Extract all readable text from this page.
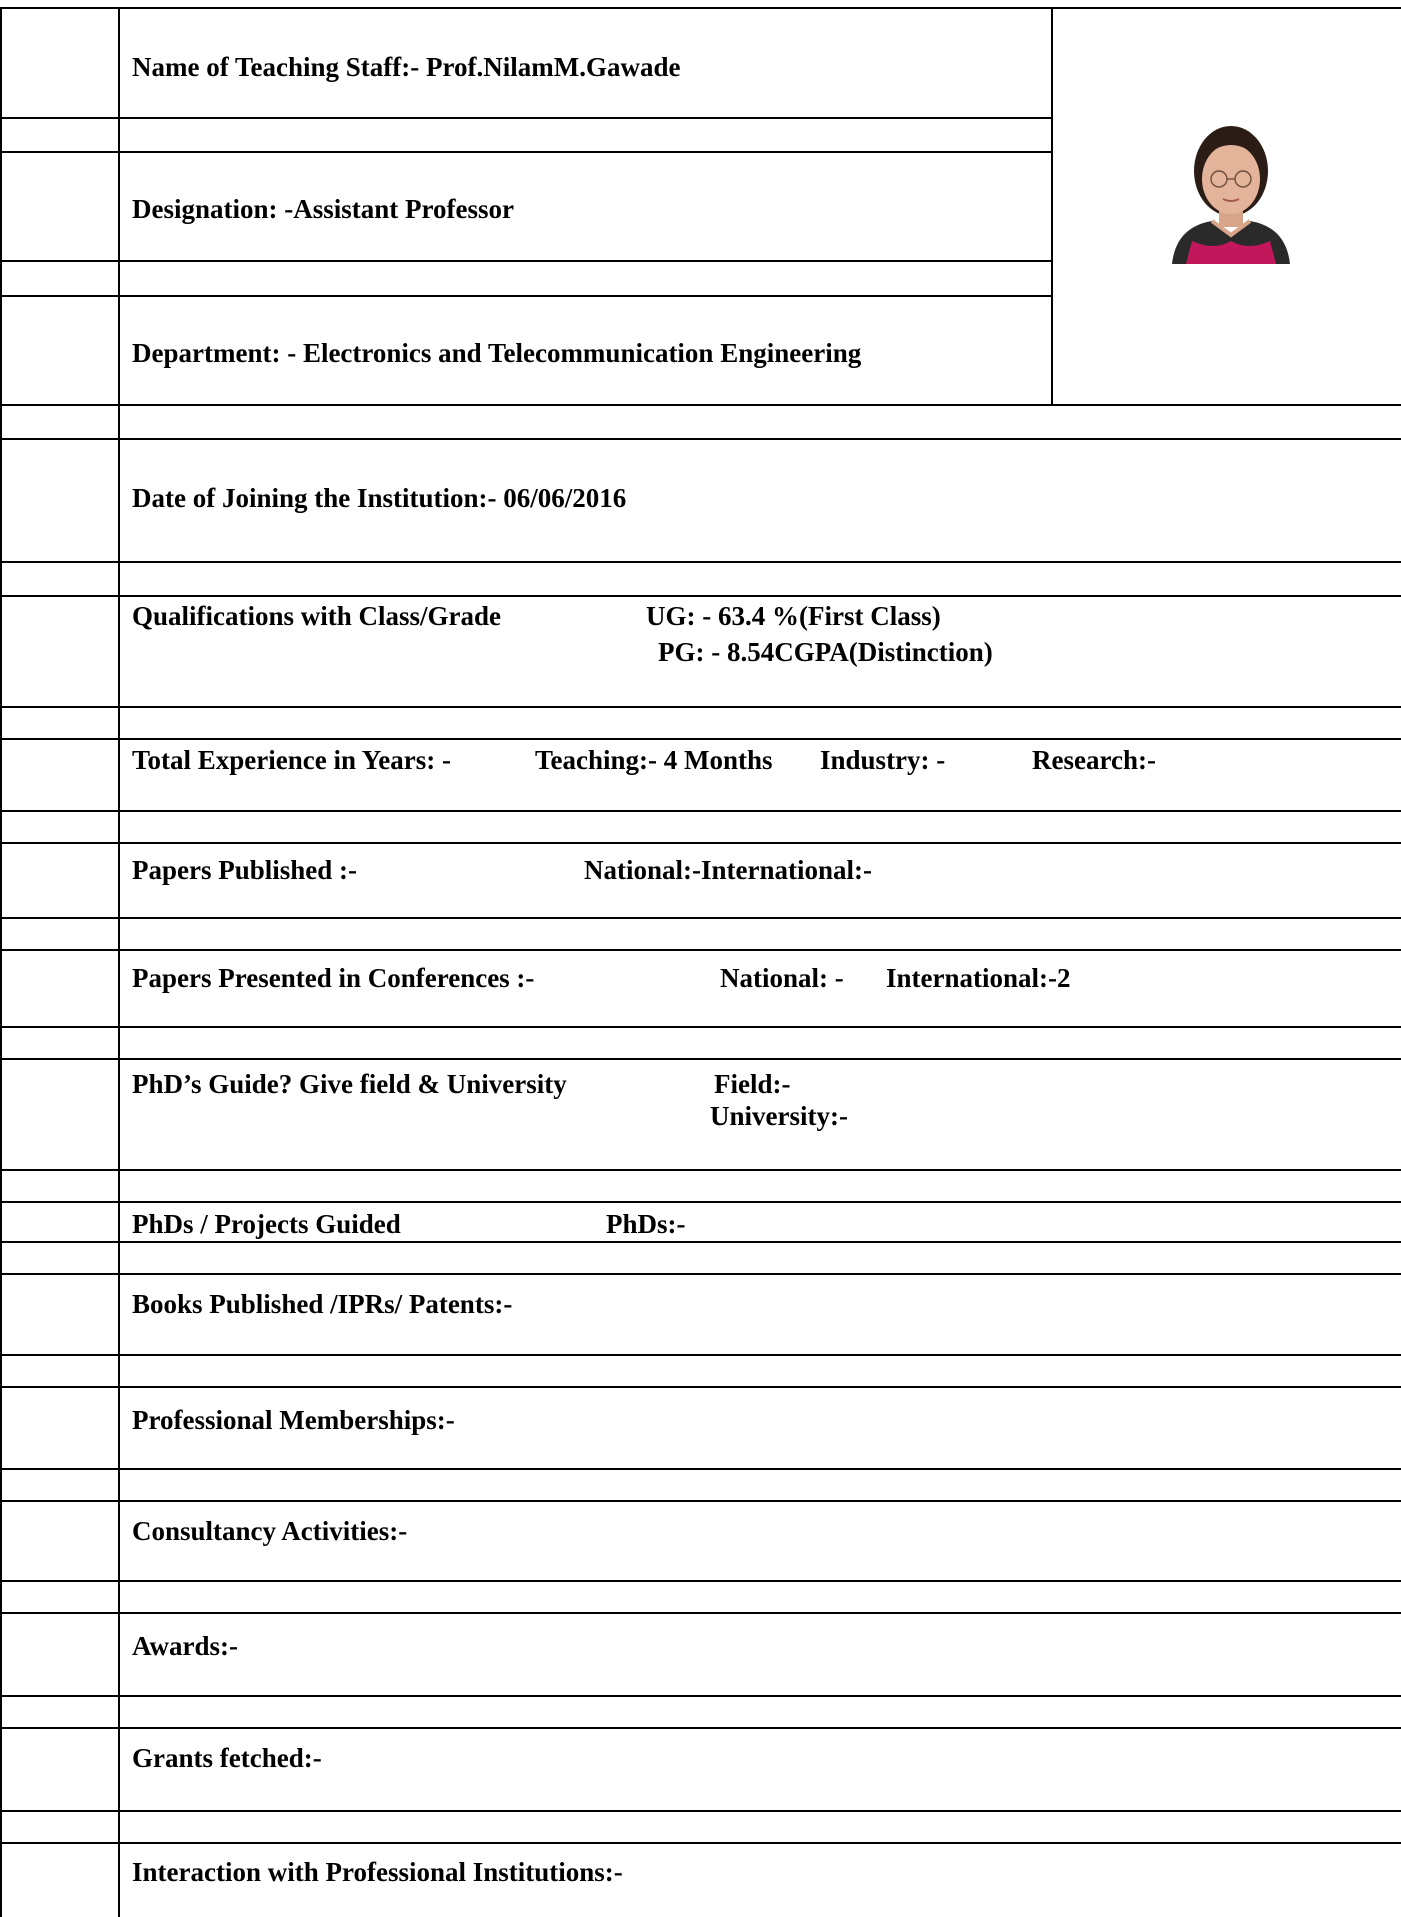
Name of Teaching Staff:- Prof.NilamM.Gawade
Designation: -Assistant Professor
Department: - Electronics and Telecommunication Engineering
Date of Joining the Institution:- 06/06/2016
Qualifications with Class/Grade	UG: - 63.4 %(First Class)
PG: - 8.54CGPA(Distinction)
Total Experience in Years: -	Teaching:- 4 Months Industry: -	Research:-
Papers Published :-	National:-International:-
Papers Presented in Conferences :-	National: - International:-2
PhD’s Guide? Give field & University	Field:-
University:-
PhDs / Projects Guided	PhDs:-
Books Published /IPRs/ Patents:-
Professional Memberships:-
Consultancy Activities:-
Awards:-
Grants fetched:-
Interaction with Professional Institutions:-
